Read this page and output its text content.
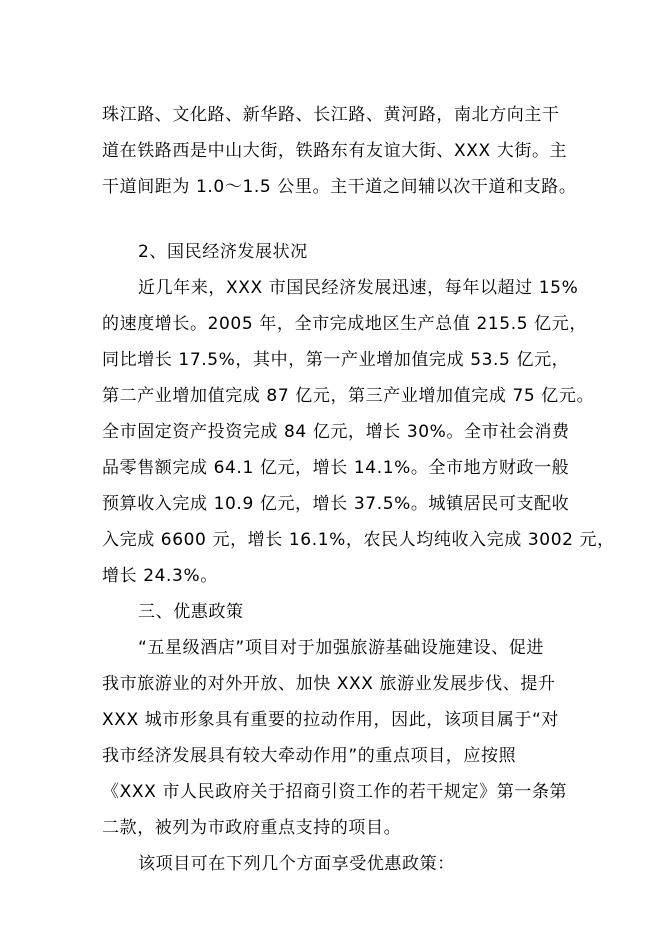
珠江路、文化路、新华路、长江路、黄河路，南北方向主干
道在铁路西是中山大街，铁路东有友谊大街、XXX 大街。主
干道间距为 1.0～1.5 公里。主干道之间辅以次干道和支路。
2、国民经济发展状况
近几年来，XXX 市国民经济发展迅速，每年以超过 15%
的速度增长。2005 年，全市完成地区生产总值 215.5 亿元，
同比增长 17.5%，其中，第一产业增加值完成 53.5 亿元，
第二产业增加值完成 87 亿元，第三产业增加值完成 75 亿元。
全市固定资产投资完成 84 亿元，增长 30%。全市社会消费
品零售额完成 64.1 亿元，增长 14.1%。全市地方财政一般
预算收入完成 10.9 亿元，增长 37.5%。城镇居民可支配收
入完成 6600 元，增长 16.1%，农民人均纯收入完成 3002 元，
增长 24.3%。
三、优惠政策
“五星级酒店”项目对于加强旅游基础设施建设、促进
我市旅游业的对外开放、加快 XXX 旅游业发展步伐、提升
XXX 城市形象具有重要的拉动作用，因此，该项目属于“对
我市经济发展具有较大牵动作用”的重点项目，应按照
《XXX 市人民政府关于招商引资工作的若干规定》第一条第
二款，被列为市政府重点支持的项目。
该项目可在下列几个方面享受优惠政策：
